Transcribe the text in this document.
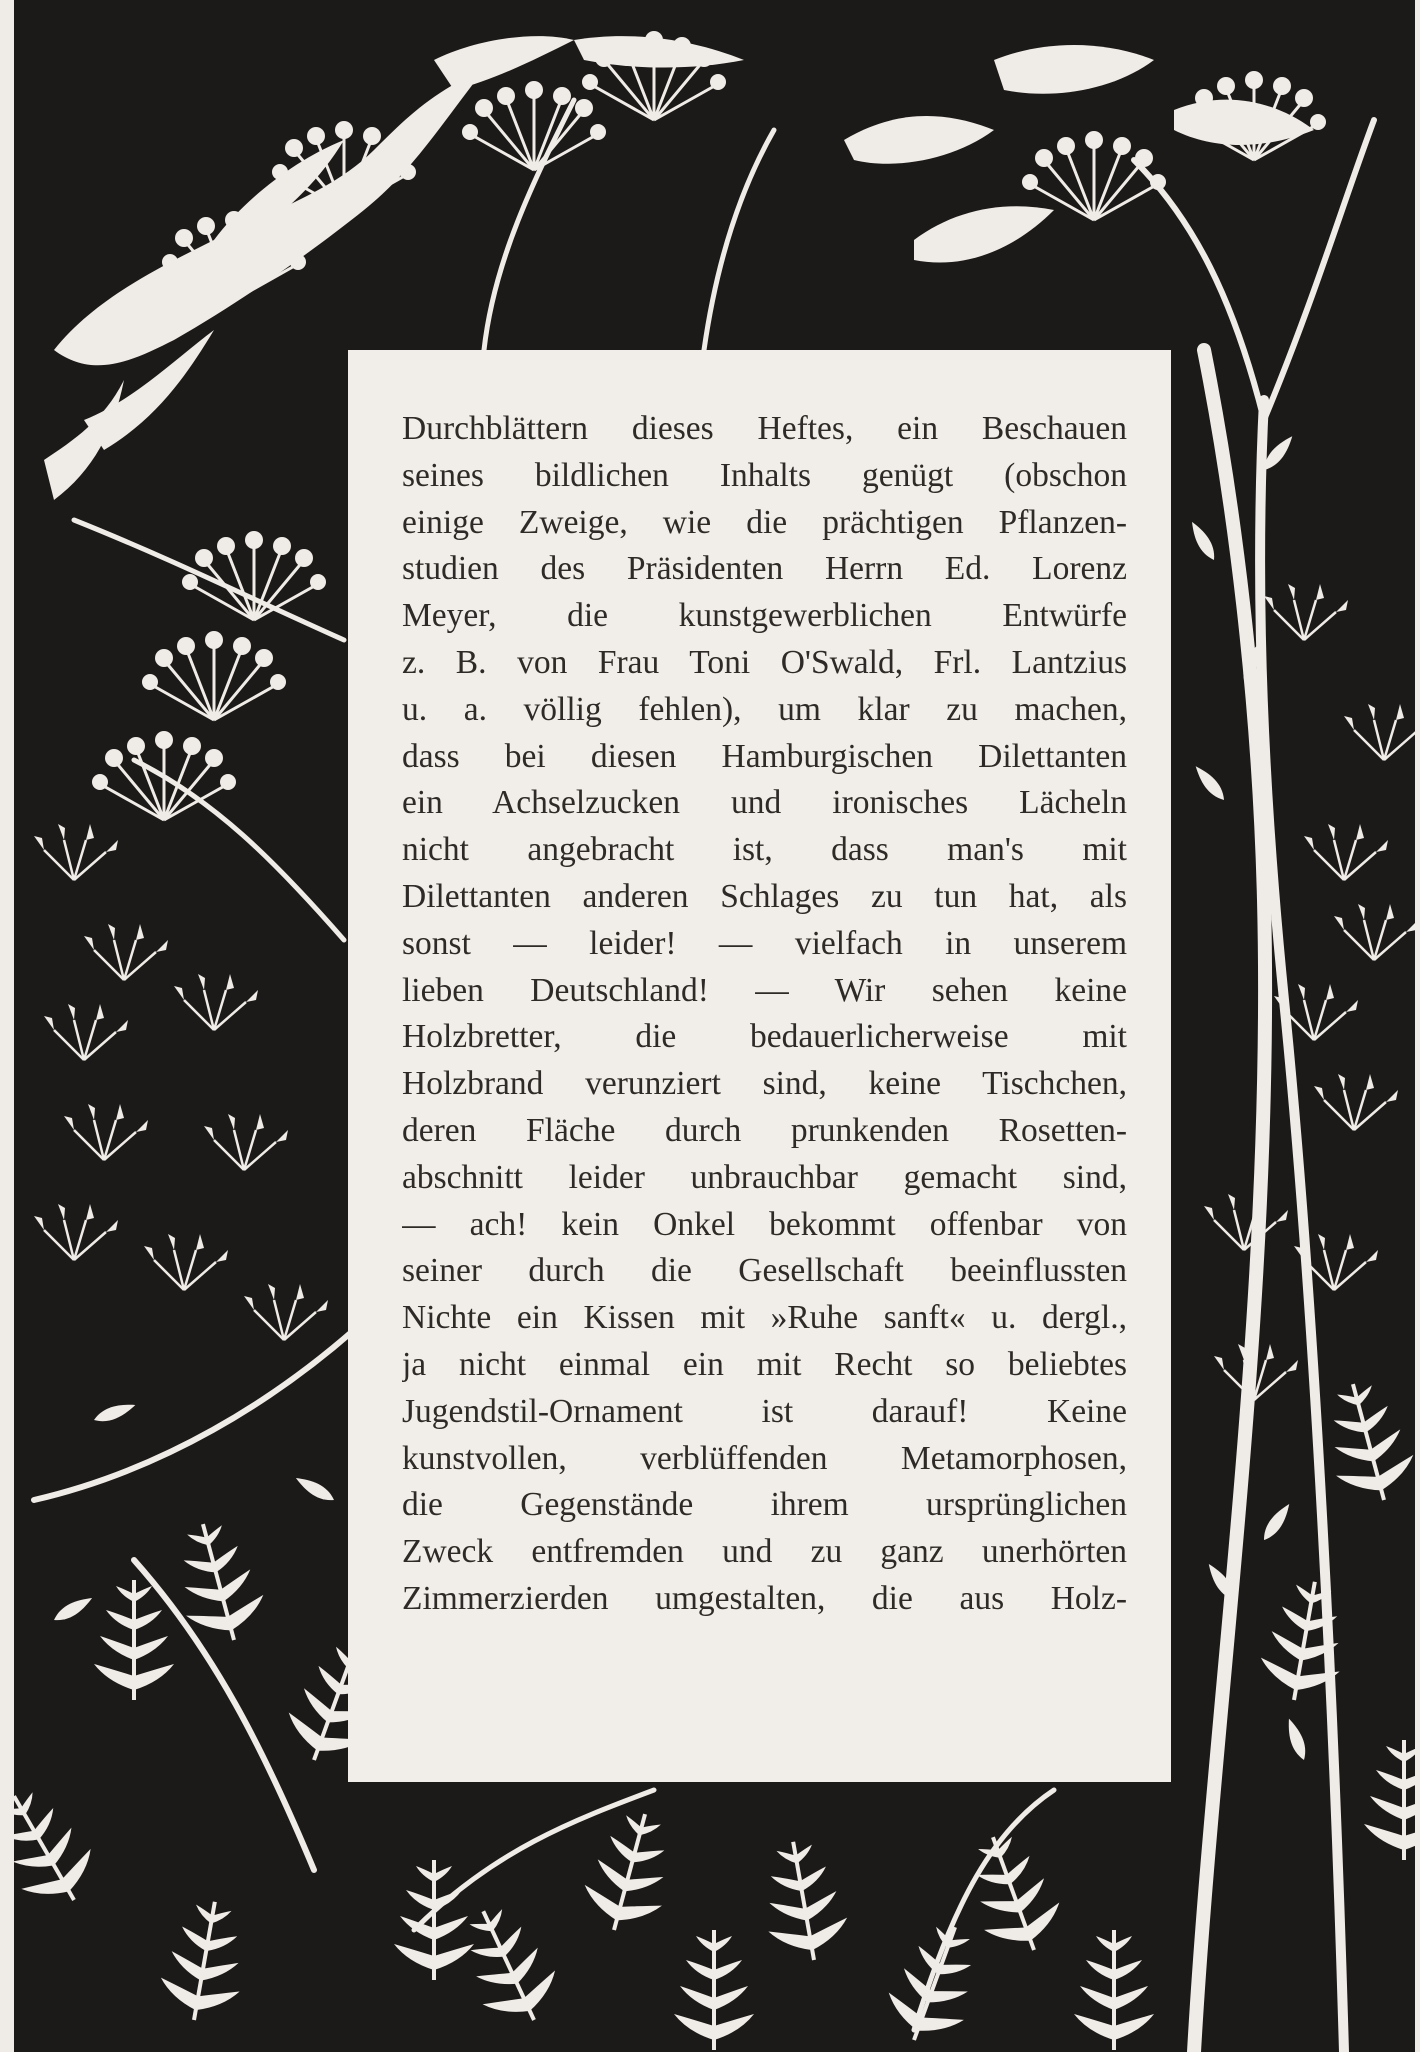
Durchblättern dieses Heftes, ein Beschauen
seines bildlichen Inhalts genügt (obschon
einige Zweige, wie die prächtigen Pflanzen-
studien des Präsidenten Herrn Ed. Lorenz
Meyer, die kunstgewerblichen Entwürfe
z. B. von Frau Toni O'Swald, Frl. Lantzius
u. a. völlig fehlen), um klar zu machen,
dass bei diesen Hamburgischen Dilettanten
ein Achselzucken und ironisches Lächeln
nicht angebracht ist, dass man's mit
Dilettanten anderen Schlages zu tun hat, als
sonst — leider! — vielfach in unserem
lieben Deutschland! — Wir sehen keine
Holzbretter, die bedauerlicherweise mit
Holzbrand verunziert sind, keine Tischchen,
deren Fläche durch prunkenden Rosetten-
abschnitt leider unbrauchbar gemacht sind,
— ach! kein Onkel bekommt offenbar von
seiner durch die Gesellschaft beeinflussten
Nichte ein Kissen mit »Ruhe sanft« u. dergl.,
ja nicht einmal ein mit Recht so beliebtes
Jugendstil-Ornament ist darauf! Keine
kunstvollen, verblüffenden Metamorphosen,
die Gegenstände ihrem ursprünglichen
Zweck entfremden und zu ganz unerhörten
Zimmerzierden umgestalten, die aus Holz-
